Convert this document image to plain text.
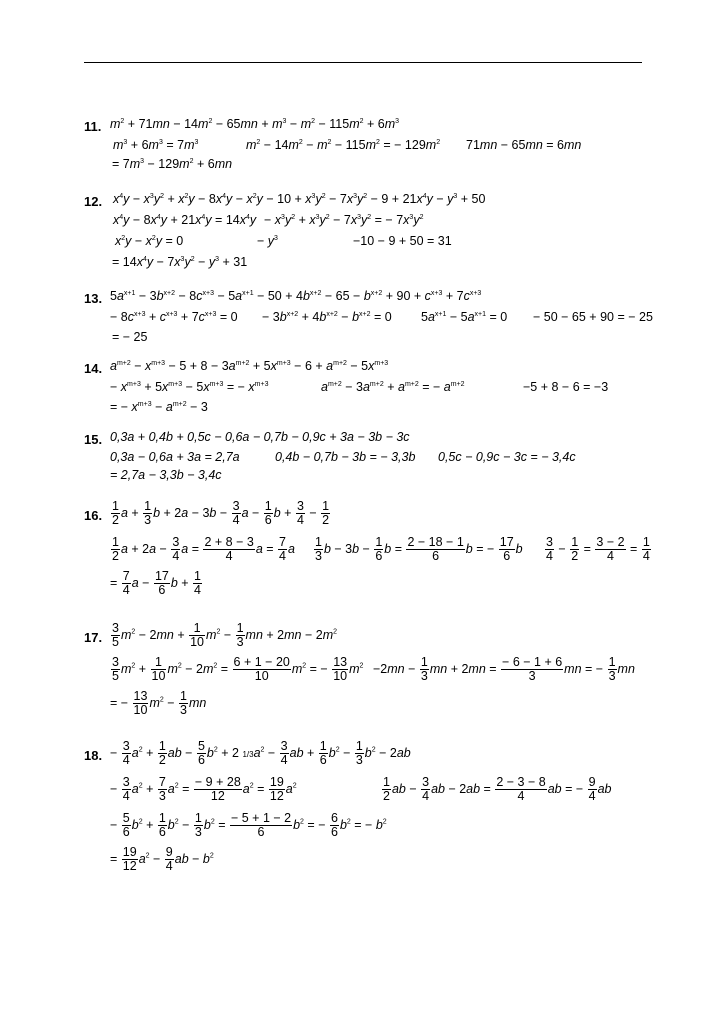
11. $m^2 + 71mn - 14m^2 - 65mn + m^3 - m^2 - 115m^2 + 6m^3$
$m^3 + 6m^3 = 7m^3$	$m^2 - 14m^2 - m^2 - 115m^2$ = − $129m^2$ 71mn − 65mn = 6mn
= $7m^3 - 129m^2 + 6mn$
12. $x^4y - x^3y^2 + x^2y - 8x^4y - x^2y - 10 + x^3y^2 - 7x^3y^2 - 9 + 21x^4y - y^3 + 50$
$x^4y - 8x^4y + 21x^4y = 14x^4y - x^3y^2 + x^3y^2 - 7x^3y^2$ = − $7x^3y^2$
$x^2y - x^2y = 0$	− $y^3$	−10 − 9 + 50 = 31
= $14x^4y - 7x^3y^2 - y^3 + 31$
13. $5a^{x+1} - 3b^{x+2} - 8c^{x+3} - 5a^{x+1} - 50 + 4b^{x+2} - 65 - b^{x+2} + 90 + c^{x+3} + 7c^{x+3}$
− $8c^{x+3} + c^{x+3} + 7c^{x+3} = 0 - 3b^{x+2} + 4b^{x+2} - b^{x+2} = 0$ $5a^{x+1} - 5a^{x+1} = 0 - 50 - 65 + 90$ = − 25
= − 25
14. $a^{m+2} - x^{m+3} - 5 + 8 - 3a^{m+2} + 5x^{m+3} - 6 + a^{m+2} - 5x^{m+3}$
− $x^{m+3} + 5x^{m+3} - 5x^{m+3}$ = − $x^{m+3}$	$a^{m+2} - 3a^{m+2} + a^{m+2}$ = − $a^{m+2}$	−5 + 8 − 6 = −3
= − $x^{m+3} - a^{m+2} - 3$
15. 0,3a + 0,4b + 0,5c − 0,6a − 0,7b − 0,9c + 3a − 3b − 3c
0,3a − 0,6a + 3a = 2,7a	0,4b − 0,7b − 3b = − 3,3b 0,5c − 0,9c − 3c = − 3,4c
= 2,7a − 3,3b − 3,4c
16. $\frac{1}{2}$ $a + \frac{1}{3}$ $b + 2a - 3b - \frac{3}{4}$ $a - \frac{1}{6}$ $b + \frac{3}{4} - \frac{1}{2}$
$\frac{1}{2}$ $a + 2a - \frac{3}{4}$ $a = \frac{2 + 8 - 3}{4}$ $a = \frac{7}{4}$ a $\frac{1}{3}$ $b - 3b - \frac{1}{6}$ $b = \frac{2 - 18 - 1}{6}$ b = − $\frac{17}{6}$ b $\frac{3}{4} - \frac{1}{2} = \frac{3 - 2}{4} = \frac{1}{4}$
= $\frac{7}{4}$ $a - \frac{17}{6}$ $b + \frac{1}{4}$
17. $\frac{3}{5} m^2 - 2mn + \frac{1}{10} m^2 - \frac{1}{3}$ mn + $2mn - 2m^2$
$\frac{3}{5} m^2 + \frac{1}{10} m^2 - 2m^2 = \frac{6 + 1 - 20}{10} m^2$ = − $\frac{13}{10} m^2 -2mn - \frac{1}{3}$ mn + $2mn = \frac{- 6 - 1 + 6}{3}$ mn = − $\frac{1}{3}$ mn
= − $\frac{13}{10} m^2 - \frac{1}{3}$ mn
18. − $\frac{3}{4} a^2 + \frac{1}{2}$ ab − $\frac{5}{6} b^2 + 2$ $1/3a^2 - \frac{3}{4}$ ab + $\frac{1}{6} b^2 - \frac{1}{3} b^2 - 2ab$
− $\frac{3}{4} a^2 + \frac{7}{3} a^2 = \frac{- 9 + 28}{12} a^2 = \frac{19}{12} a^2$	$\frac{1}{2}$ ab − $\frac{3}{4}$ ab − $2ab = \frac{2 - 3 - 8}{4}$ ab = − $\frac{9}{4}$ ab
− $\frac{5}{6} b^2 + \frac{1}{6} b^2 - \frac{1}{3} b^2 = \frac{- 5 + 1 - 2}{6} b^2$ = − $\frac{6}{6} b^2$ = − $b^2$
= $\frac{19}{12} a^2 - \frac{9}{4}$ ab − $b^2$
